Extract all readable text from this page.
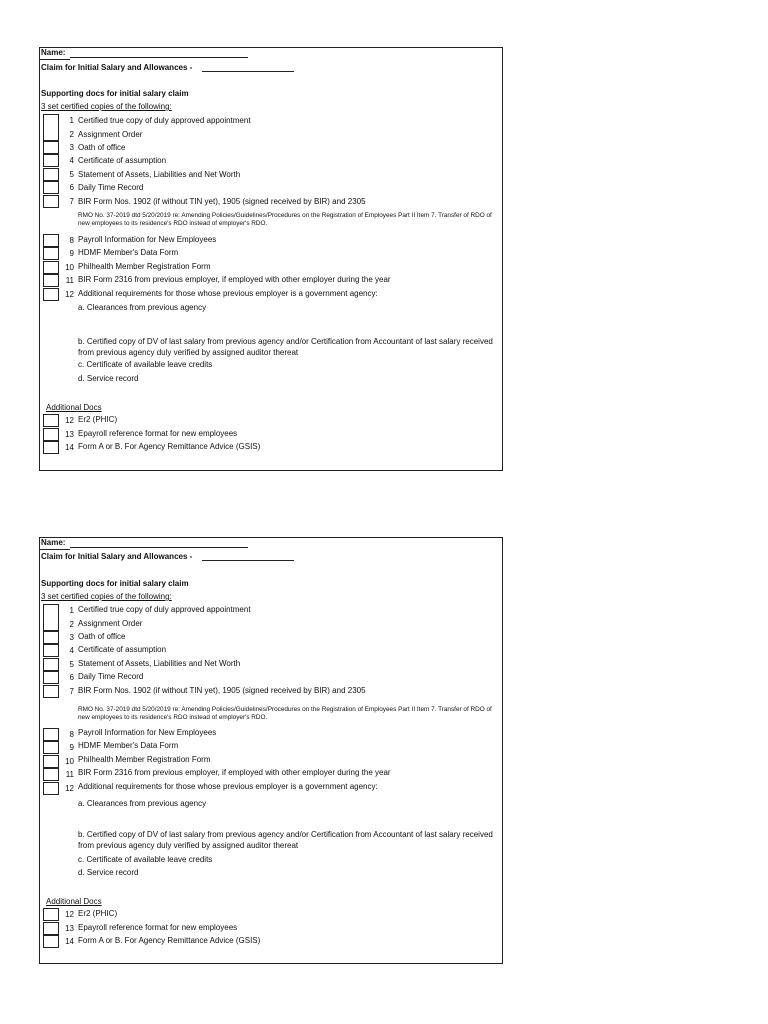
Name:
Claim for Initial Salary and Allowances -
Supporting docs for initial salary claim
3 set certified copies of the following:
1 Certified true copy of duly approved appointment
2 Assignment Order
3 Oath of office
4 Certificate of assumption
5 Statement of Assets, Liabilities and Net Worth
6 Daily Time Record
7 BIR Form Nos. 1902 (if without TIN yet), 1905 (signed received by BIR) and 2305
RMO No. 37-2019 dtd 5/20/2019 re: Amending Policies/Guidelines/Procedures on the Registration of Employees Part II Item 7. Transfer of RDO of new employees to its residence's RDO instead of employer's RDO.
8 Payroll Information for New Employees
9 HDMF Member's Data Form
10 Philhealth Member Registration Form
11 BIR Form 2316 from previous employer, if employed with other employer during the year
12 Additional requirements for those whose previous employer is a government agency:
a. Clearances from previous agency
b. Certified copy of DV of last salary from previous agency and/or Certification from Accountant of last salary received from previous agency duly verified by assigned auditor thereat
c. Certificate of available leave credits
d. Service record
Additional Docs
12 Er2 (PHIC)
13 Epayroll reference format for new employees
14 Form A or B. For Agency Remittance Advice (GSIS)
Name:
Claim for Initial Salary and Allowances -
Supporting docs for initial salary claim
3 set certified copies of the following:
1 Certified true copy of duly approved appointment
2 Assignment Order
3 Oath of office
4 Certificate of assumption
5 Statement of Assets, Liabilities and Net Worth
6 Daily Time Record
7 BIR Form Nos. 1902 (if without TIN yet), 1905 (signed received by BIR) and 2305
RMO No. 37-2019 dtd 5/20/2019 re: Amending Policies/Guidelines/Procedures on the Registration of Employees Part II Item 7. Transfer of RDO of new employees to its residence's RDO instead of employer's RDO.
8 Payroll Information for New Employees
9 HDMF Member's Data Form
10 Philhealth Member Registration Form
11 BIR Form 2316 from previous employer, if employed with other employer during the year
12 Additional requirements for those whose previous employer is a government agency:
a. Clearances from previous agency
b. Certified copy of DV of last salary from previous agency and/or Certification from Accountant of last salary received from previous agency duly verified by assigned auditor thereat
c. Certificate of available leave credits
d. Service record
Additional Docs
12 Er2 (PHIC)
13 Epayroll reference format for new employees
14 Form A or B. For Agency Remittance Advice (GSIS)
